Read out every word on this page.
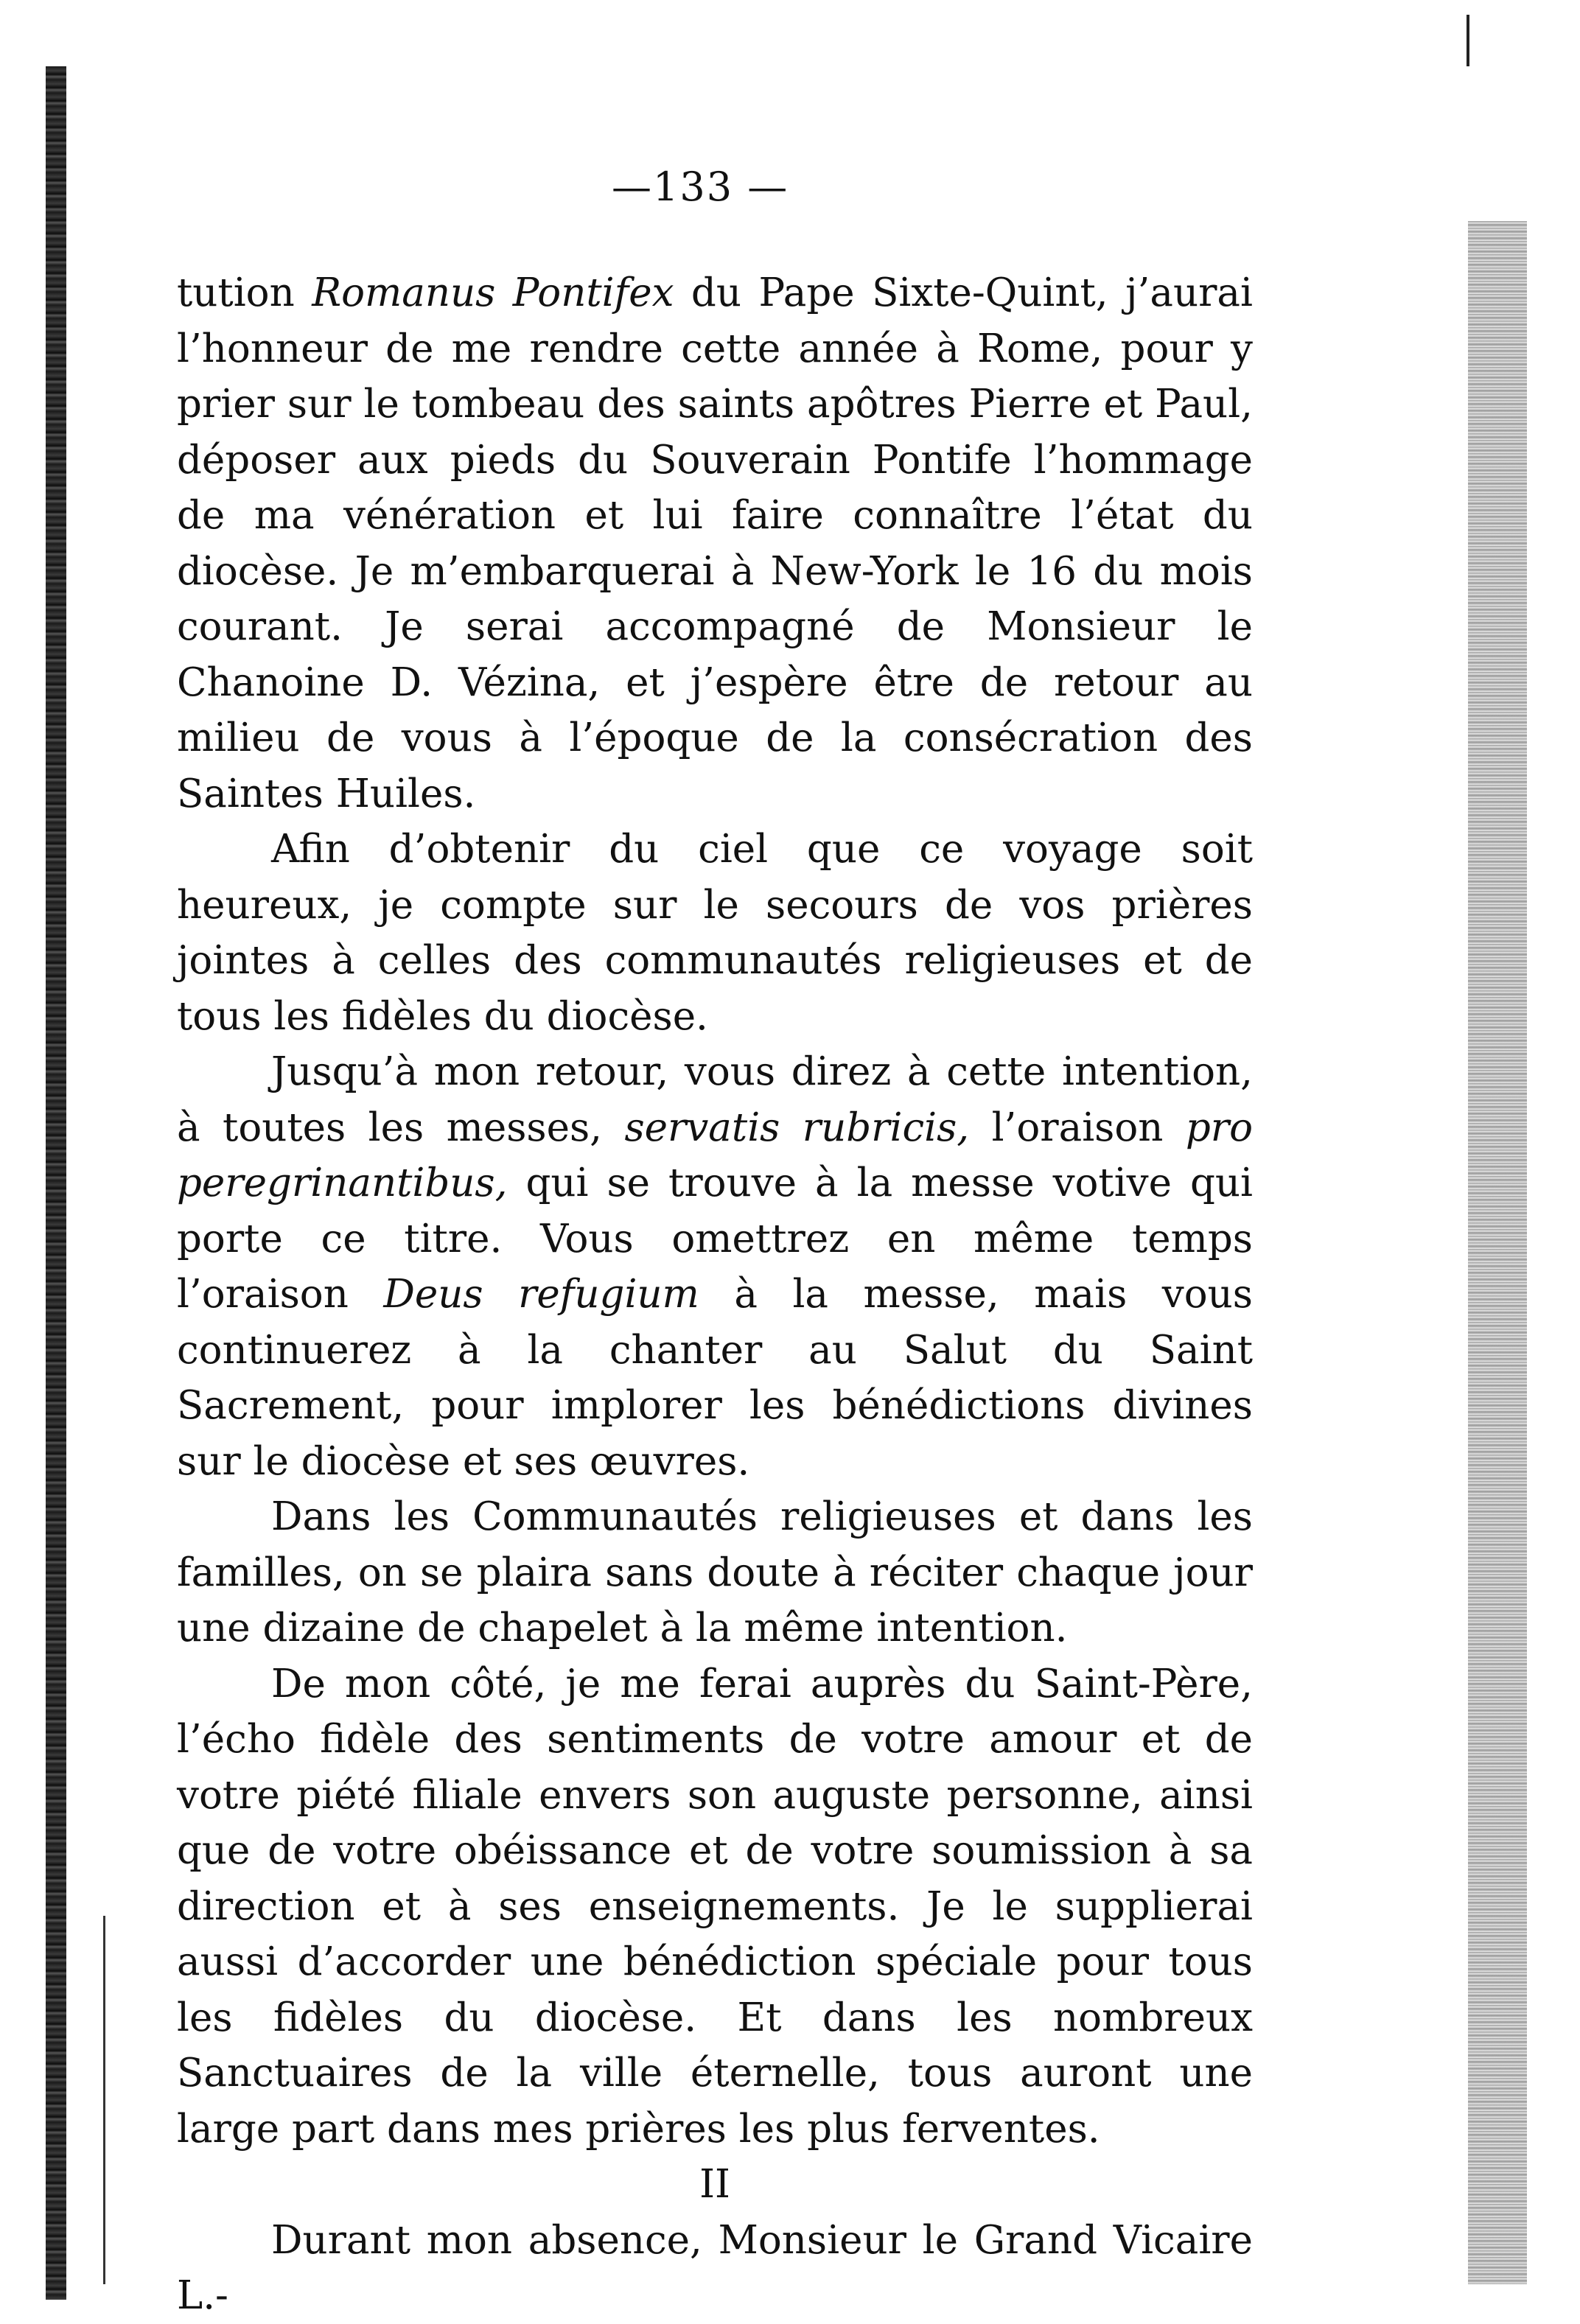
—133 —

tution Romanus Pontifex du Pape Sixte-Quint, j’aurai l’honneur de me rendre cette année à Rome, pour y prier sur le tombeau des saints apôtres Pierre et Paul, déposer aux pieds du Souverain Pontife l’hommage de ma vénération et lui faire connaître l’état du diocèse. Je m’embarquerai à New-York le 16 du mois courant. Je serai accompagné de Monsieur le Chanoine D. Vézina, et j’espère être de retour au milieu de vous à l’époque de la consécration des Saintes Huiles.

Afin d’obtenir du ciel que ce voyage soit heureux, je compte sur le secours de vos prières jointes à celles des communautés religieuses et de tous les fidèles du diocèse.

Jusqu’à mon retour, vous direz à cette intention, à toutes les messes, servatis rubricis, l’oraison pro peregrinantibus, qui se trouve à la messe votive qui porte ce titre. Vous omettrez en même temps l’oraison Deus refugium à la messe, mais vous continuerez à la chanter au Salut du Saint Sacrement, pour implorer les bénédictions divines sur le diocèse et ses œuvres.

Dans les Communautés religieuses et dans les familles, on se plaira sans doute à réciter chaque jour une dizaine de chapelet à la même intention.

De mon côté, je me ferai auprès du Saint-Père, l’écho fidèle des sentiments de votre amour et de votre piété filiale envers son auguste personne, ainsi que de votre obéissance et de votre soumission à sa direction et à ses enseignements. Je le supplierai aussi d’accorder une bénédiction spéciale pour tous les fidèles du diocèse. Et dans les nombreux Sanctuaires de la ville éternelle, tous auront une large part dans mes prières les plus ferventes.

II

Durant mon absence, Monsieur le Grand Vicaire L.-
